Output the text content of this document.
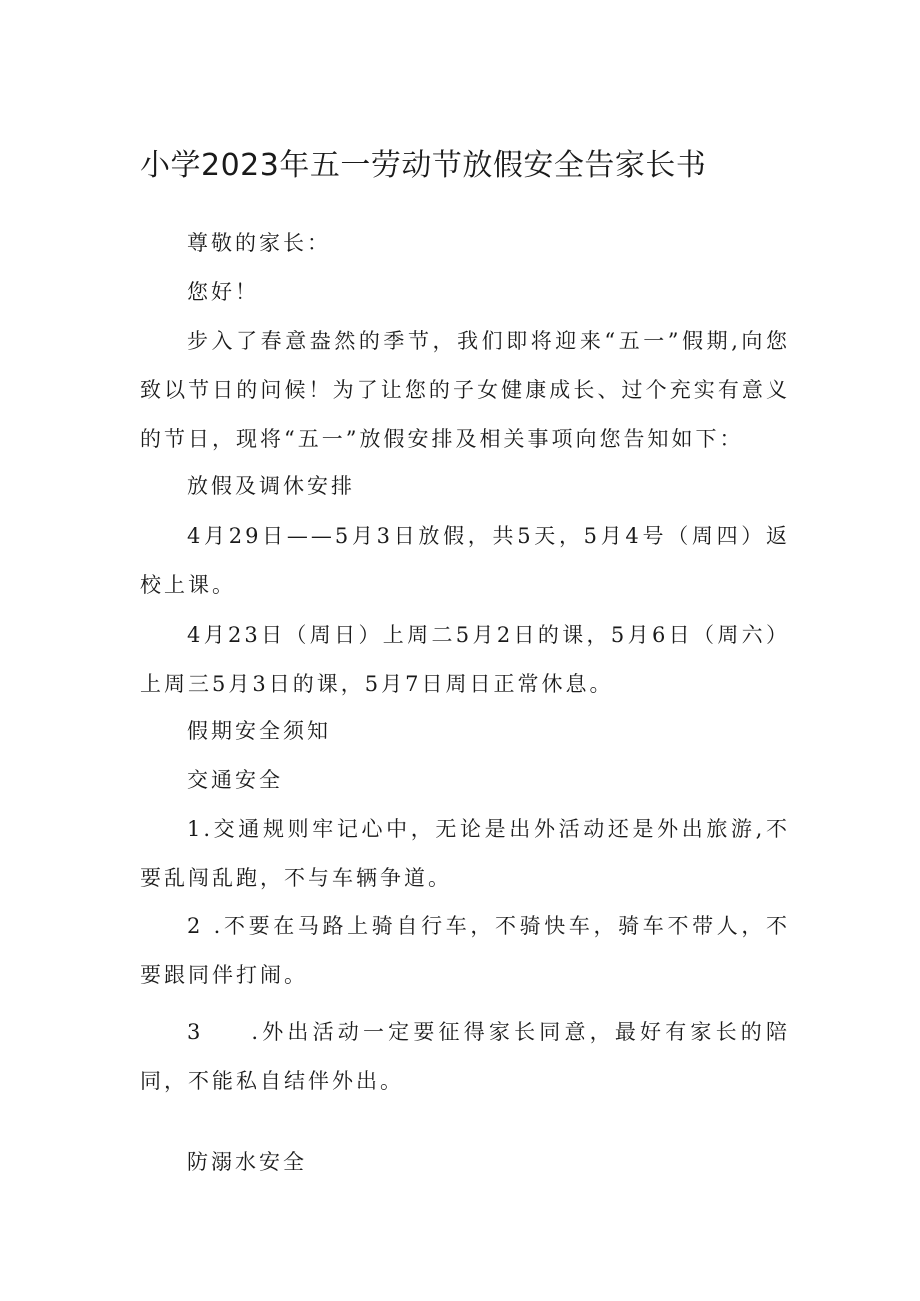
小学2023年五一劳动节放假安全告家长书

尊敬的家长：

您好！

步入了春意盎然的季节，我们即将迎来“五一”假期,向您致以节日的问候！为了让您的子女健康成长、过个充实有意义的节日，现将“五一”放假安排及相关事项向您告知如下：

放假及调休安排

4月29日——5月3日放假，共5天，5月4号（周四）返校上课。

4月23日（周日）上周二5月2日的课，5月6日（周六）上周三5月3日的课，5月7日周日正常休息。

假期安全须知

交通安全

1.交通规则牢记心中，无论是出外活动还是外出旅游,不要乱闯乱跑，不与车辆争道。

2 .不要在马路上骑自行车，不骑快车，骑车不带人，不要跟同伴打闹。

3 .外出活动一定要征得家长同意，最好有家长的陪同，不能私自结伴外出。

防溺水安全
